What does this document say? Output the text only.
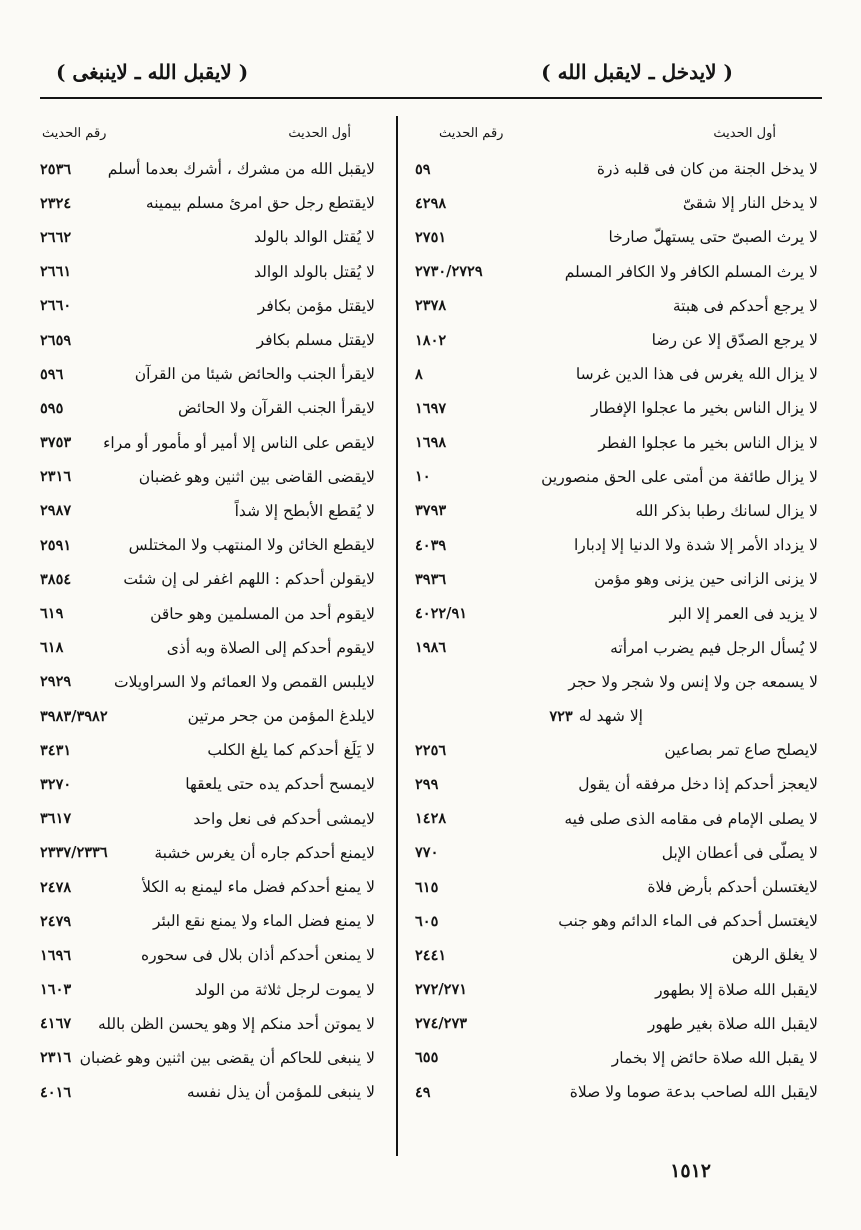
( لايدخل ـ لايقبل الله )
( لايقبل الله ـ لاينبغى )
أول الحديث
رقم الحديث
لا يدخل الجنة من كان فى قلبه ذرة
٥٩
لا يدخل النار إلا شقىّ
٤٢٩٨
لا يرث الصبىّ حتى يستهلّ صارخا
٢٧٥١
لا يرث المسلم الكافر ولا الكافر المسلم
٢٧٣٠/٢٧٢٩
لا يرجع أحدكم فى هبتة
٢٣٧٨
لا يرجع الصدّق إلا عن رضا
١٨٠٢
لا يزال الله يغرس فى هذا الدين غرسا
٨
لا يزال الناس بخير ما عجلوا الإفطار
١٦٩٧
لا يزال الناس بخير ما عجلوا الفطر
١٦٩٨
لا يزال طائفة من أمتى على الحق منصورين
١٠
لا يزال لسانك رطبا بذكر الله
٣٧٩٣
لا يزداد الأمر إلا شدة ولا الدنيا إلا إدبارا
٤٠٣٩
لا يزنى الزانى حين يزنى وهو مؤمن
٣٩٣٦
لا يزيد فى العمر إلا البر
٤٠٢٢/٩١
لا يُسأل الرجل فيم يضرب امرأته
١٩٨٦
لا يسمعه جن ولا إنس ولا شجر ولا حجر
إلا شهد له
٧٢٣
لايصلح صاع تمر بصاعين
٢٢٥٦
لايعجز أحدكم إذا دخل مرفقه أن يقول
٢٩٩
لا يصلى الإمام فى مقامه الذى صلى فيه
١٤٢٨
لا يصلّى فى أعطان الإبل
٧٧٠
لايغتسلن أحدكم بأرض فلاة
٦١٥
لايغتسل أحدكم فى الماء الدائم وهو جنب
٦٠٥
لا يغلق الرهن
٢٤٤١
لايقبل الله صلاة إلا بطهور
٢٧٢/٢٧١
لايقبل الله صلاة بغير طهور
٢٧٤/٢٧٣
لا يقبل الله صلاة حائض إلا بخمار
٦٥٥
لايقبل الله لصاحب بدعة صوما ولا صلاة
٤٩
أول الحديث
رقم الحديث
لايقبل الله من مشرك ، أشرك بعدما أسلم
٢٥٣٦
لايقتطع رجل حق امرئ مسلم بيمينه
٢٣٢٤
لا يُقتل الوالد بالولد
٢٦٦٢
لا يُقتل بالولد الوالد
٢٦٦١
لايقتل مؤمن بكافر
٢٦٦٠
لايقتل مسلم بكافر
٢٦٥٩
لايقرأ الجنب والحائض شيئا من القرآن
٥٩٦
لايقرأ الجنب القرآن ولا الحائض
٥٩٥
لايقص على الناس إلا أمير أو مأمور أو مراء
٣٧٥٣
لايقضى القاضى بين اثنين وهو غضبان
٢٣١٦
لا يُقطع الأبطح إلا شداً
٢٩٨٧
لايقطع الخائن ولا المنتهب ولا المختلس
٢٥٩١
لايقولن أحدكم : اللهم اغفر لى إن شئت
٣٨٥٤
لايقوم أحد من المسلمين وهو حاقن
٦١٩
لايقوم أحدكم إلى الصلاة وبه أذى
٦١٨
لايلبس القمص ولا العمائم ولا السراويلات
٢٩٢٩
لايلدغ المؤمن من جحر مرتين
٣٩٨٣/٣٩٨٢
لا يَلَغ أحدكم كما يلغ الكلب
٣٤٣١
لايمسح أحدكم يده حتى يلعقها
٣٢٧٠
لايمشى أحدكم فى نعل واحد
٣٦١٧
لايمنع أحدكم جاره أن يغرس خشبة
٢٣٣٧/٢٣٣٦
لا يمنع أحدكم فضل ماء ليمنع به الكلأ
٢٤٧٨
لا يمنع فضل الماء ولا يمنع نقع البئر
٢٤٧٩
لا يمنعن أحدكم أذان بلال فى سحوره
١٦٩٦
لا يموت لرجل ثلاثة من الولد
١٦٠٣
لا يموتن أحد منكم إلا وهو يحسن الظن بالله
٤١٦٧
لا ينبغى للحاكم أن يقضى بين اثنين وهو غضبان
٢٣١٦
لا ينبغى للمؤمن أن يذل نفسه
٤٠١٦
١٥١٢
